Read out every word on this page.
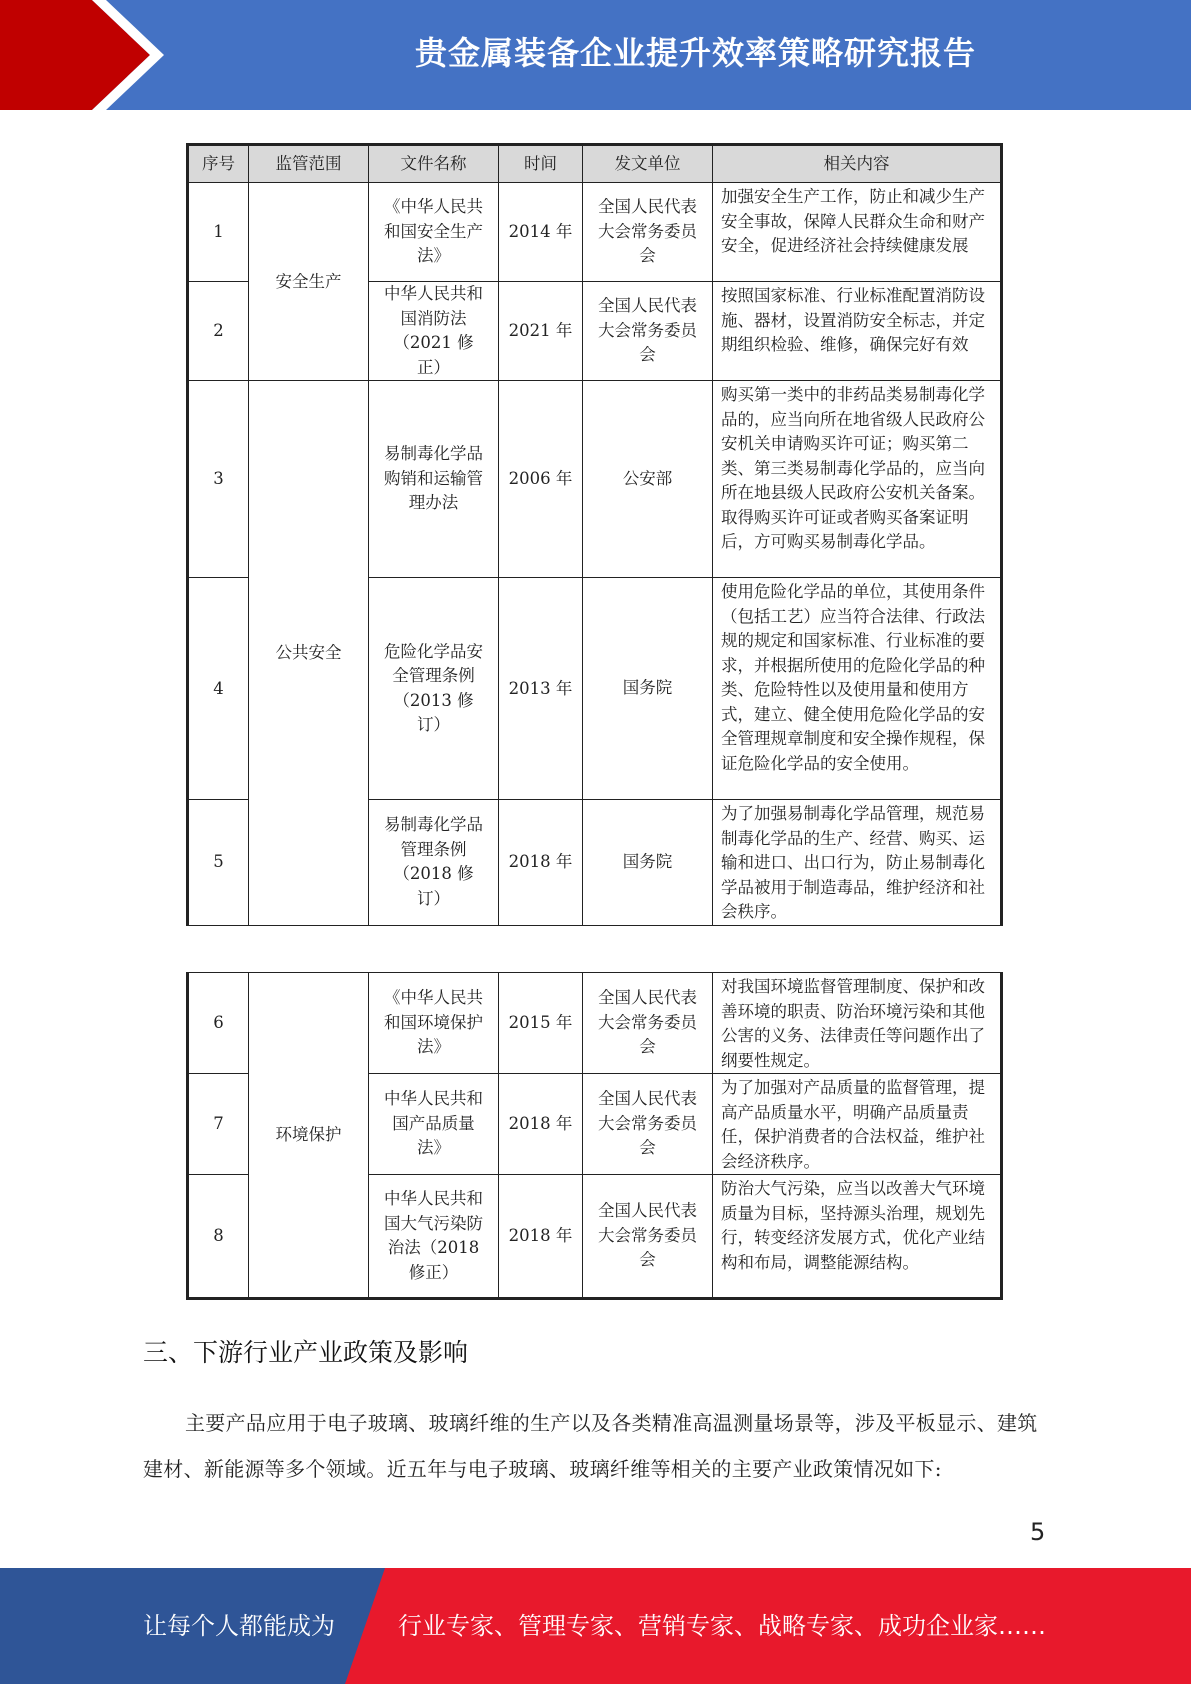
贵金属装备企业提升效率策略研究报告
序号	监管范围	文件名称	时间	发文单位	相关内容
1	安全生产	《中华人民共和国安全生产法》	2014 年	全国人民代表大会常务委员会	加强安全生产工作，防止和减少生产安全事故，保障人民群众生命和财产安全，促进经济社会持续健康发展
2		中华人民共和国消防法（2021 修正）	2021 年	全国人民代表大会常务委员会	按照国家标准、行业标准配置消防设施、器材，设置消防安全标志，并定期组织检验、维修，确保完好有效
3	公共安全	易制毒化学品购销和运输管理办法	2006 年	公安部	购买第一类中的非药品类易制毒化学品的，应当向所在地省级人民政府公安机关申请购买许可证；购买第二类、第三类易制毒化学品的，应当向所在地县级人民政府公安机关备案。取得购买许可证或者购买备案证明后，方可购买易制毒化学品。
4		危险化学品安全管理条例（2013 修订）	2013 年	国务院	使用危险化学品的单位，其使用条件（包括工艺）应当符合法律、行政法规的规定和国家标准、行业标准的要求，并根据所使用的危险化学品的种类、危险特性以及使用量和使用方式，建立、健全使用危险化学品的安全管理规章制度和安全操作规程，保证危险化学品的安全使用。
5		易制毒化学品管理条例（2018 修订）	2018 年	国务院	为了加强易制毒化学品管理，规范易制毒化学品的生产、经营、购买、运输和进口、出口行为，防止易制毒化学品被用于制造毒品，维护经济和社会秩序。
6	环境保护	《中华人民共和国环境保护法》	2015 年	全国人民代表大会常务委员会	对我国环境监督管理制度、保护和改善环境的职责、防治环境污染和其他公害的义务、法律责任等问题作出了纲要性规定。
7		中华人民共和国产品质量法》	2018 年	全国人民代表大会常务委员会	为了加强对产品质量的监督管理，提高产品质量水平，明确产品质量责任，保护消费者的合法权益，维护社会经济秩序。
8		中华人民共和国大气污染防治法（2018 修正）	2018 年	全国人民代表大会常务委员会	防治大气污染，应当以改善大气环境质量为目标，坚持源头治理，规划先行，转变经济发展方式，优化产业结构和布局，调整能源结构。
三、下游行业产业政策及影响
主要产品应用于电子玻璃、玻璃纤维的生产以及各类精准高温测量场景等，涉及平板显示、建筑建材、新能源等多个领域。近五年与电子玻璃、玻璃纤维等相关的主要产业政策情况如下:
5
让每个人都能成为	行业专家、管理专家、营销专家、战略专家、成功企业家……
